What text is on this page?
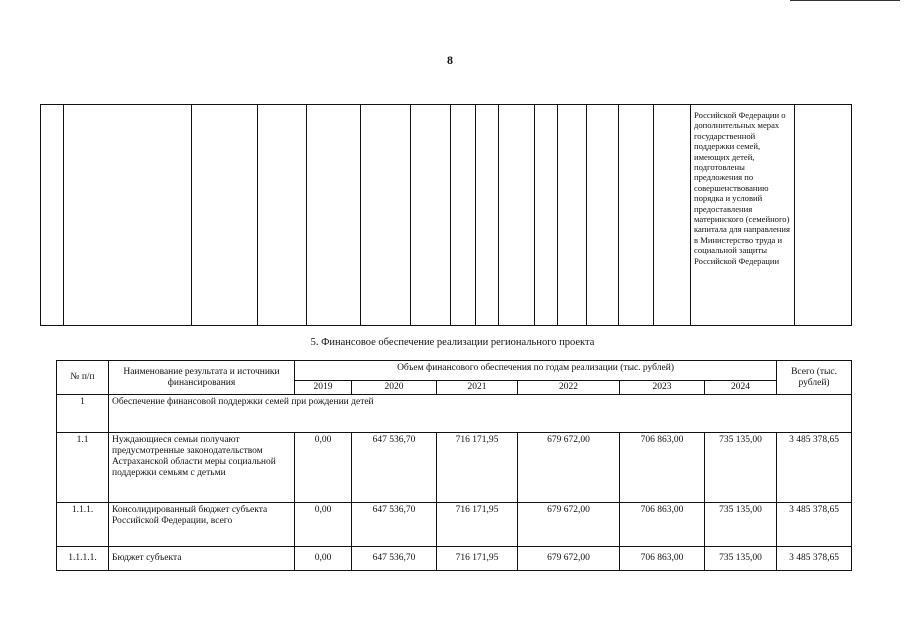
8
Российской Федерации о дополнительных мерах государственной поддержки семей, имеющих детей, подготовлены предложения по совершенствованию порядка и условий предоставления материнского (семейного) капитала для направления в Министерство труда и социальной защиты Российской Федерации
5. Финансовое обеспечение реализации регионального проекта
№ п/п	Наименование результата и источники финансирования	Объем финансового обеспечения по годам реализации (тыс. рублей)						Всего (тыс. рублей)
		2019	2020	2021	2022	2023	2024	
1	Обеспечение финансовой поддержки семей при рождении детей							
1.1	Нуждающиеся семьи получают предусмотренные законодательством Астраханской области меры социальной поддержки семьям с детьми	0,00	647 536,70	716 171,95	679 672,00	706 863,00	735 135,00	3 485 378,65
1.1.1.	Консолидированный бюджет субъекта Российской Федерации, всего	0,00	647 536,70	716 171,95	679 672,00	706 863,00	735 135,00	3 485 378,65
1.1.1.1.	Бюджет субъекта	0,00	647 536,70	716 171,95	679 672,00	706 863,00	735 135,00	3 485 378,65
